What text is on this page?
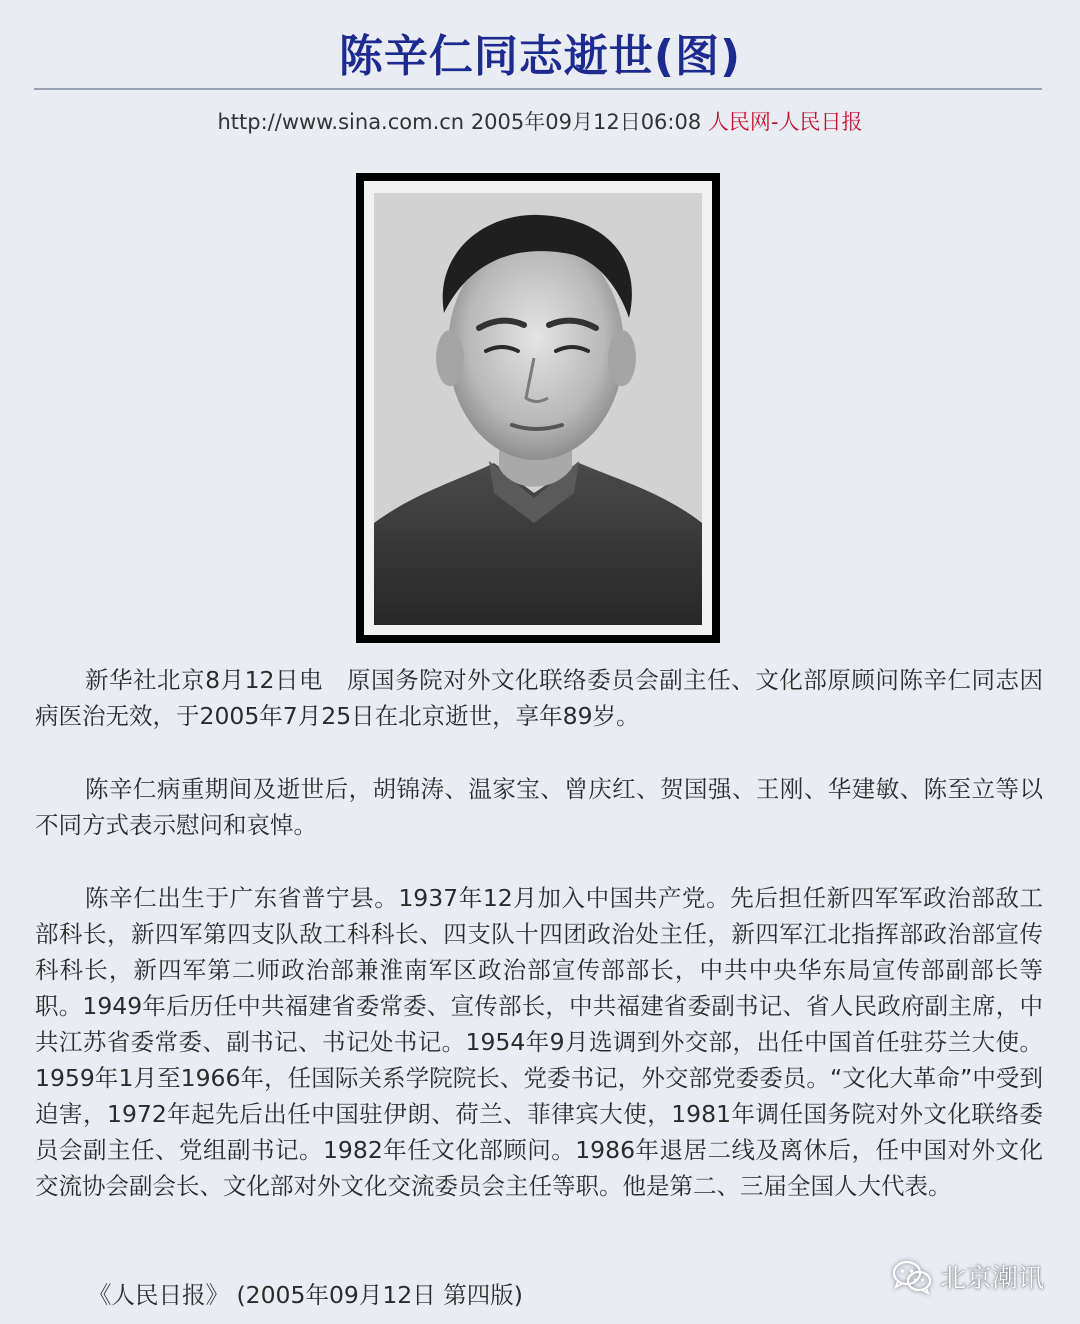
陈辛仁同志逝世(图)
http://www.sina.com.cn 2005年09月12日06:08 人民网-人民日报

新华社北京8月12日电　原国务院对外文化联络委员会副主任、文化部原顾问陈辛仁同志因病医治无效，于2005年7月25日在北京逝世，享年89岁。

陈辛仁病重期间及逝世后，胡锦涛、温家宝、曾庆红、贺国强、王刚、华建敏、陈至立等以不同方式表示慰问和哀悼。

陈辛仁出生于广东省普宁县。1937年12月加入中国共产党。先后担任新四军军政治部敌工部科长，新四军第四支队敌工科科长、四支队十四团政治处主任，新四军江北指挥部政治部宣传科科长，新四军第二师政治部兼淮南军区政治部宣传部部长，中共中央华东局宣传部副部长等职。1949年后历任中共福建省委常委、宣传部长，中共福建省委副书记、省人民政府副主席，中共江苏省委常委、副书记、书记处书记。1954年9月选调到外交部，出任中国首任驻芬兰大使。1959年1月至1966年，任国际关系学院院长、党委书记，外交部党委委员。“文化大革命”中受到迫害，1972年起先后出任中国驻伊朗、荷兰、菲律宾大使，1981年调任国务院对外文化联络委员会副主任、党组副书记。1982年任文化部顾问。1986年退居二线及离休后，任中国对外文化交流协会副会长、文化部对外文化交流委员会主任等职。他是第二、三届全国人大代表。

《人民日报》 (2005年09月12日 第四版)
北京潮讯
